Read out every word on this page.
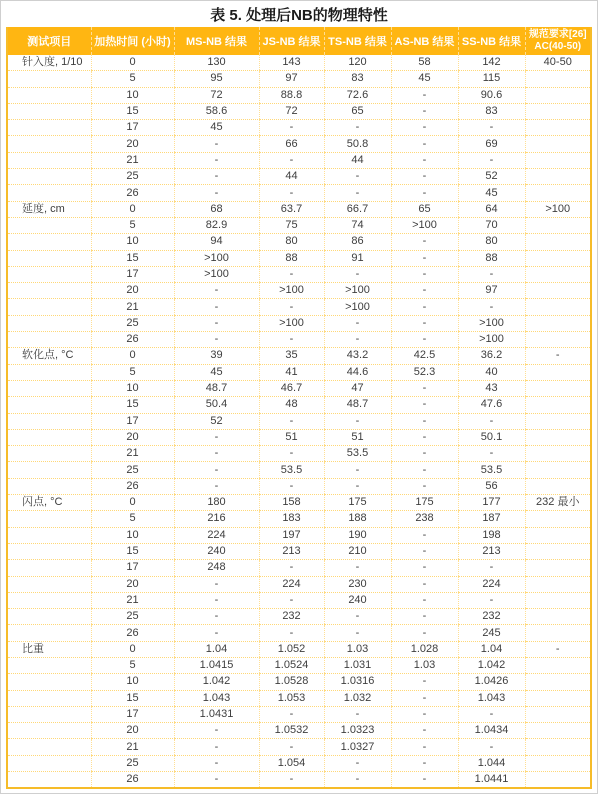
表 5. 处理后NB的物理特性
测试项目	加热时间 (小时)	MS-NB 结果	JS-NB 结果	TS-NB 结果	AS-NB 结果	SS-NB 结果	规范要求[26]
AC(40-50)

针入度, 1/10	0	130	143	120	58	142	40-50
	5	95	97	83	45	115	
	10	72	88.8	72.6	-	90.6	
	15	58.6	72	65	-	83	
	17	45	-	-	-	-	
	20	-	66	50.8	-	69	
	21	-	-	44	-	-	
	25	-	44	-	-	52	
	26	-	-	-	-	45	
延度, cm	0	68	63.7	66.7	65	64	>100
	5	82.9	75	74	>100	70	
	10	94	80	86	-	80	
	15	>100	88	91	-	88	
	17	>100	-	-	-	-	
	20	-	>100	>100	-	97	
	21	-	-	>100	-	-	
	25	-	>100	-	-	>100	
	26	-	-	-	-	>100	
软化点, °C	0	39	35	43.2	42.5	36.2	-
	5	45	41	44.6	52.3	40	
	10	48.7	46.7	47	-	43	
	15	50.4	48	48.7	-	47.6	
	17	52	-	-	-	-	
	20	-	51	51	-	50.1	
	21	-	-	53.5	-	-	
	25	-	53.5	-	-	53.5	
	26	-	-	-	-	56	
闪点, °C	0	180	158	175	175	177	232 最小
	5	216	183	188	238	187	
	10	224	197	190	-	198	
	15	240	213	210	-	213	
	17	248	-	-	-	-	
	20	-	224	230	-	224	
	21	-	-	240	-	-	
	25	-	232	-	-	232	
	26	-	-	-	-	245	
比重	0	1.04	1.052	1.03	1.028	1.04	-
	5	1.0415	1.0524	1.031	1.03	1.042	
	10	1.042	1.0528	1.0316	-	1.0426	
	15	1.043	1.053	1.032	-	1.043	
	17	1.0431	-	-	-	-	
	20	-	1.0532	1.0323	-	1.0434	
	21	-	-	1.0327	-	-	
	25	-	1.054	-	-	1.044	
	26	-	-	-	-	1.0441	
